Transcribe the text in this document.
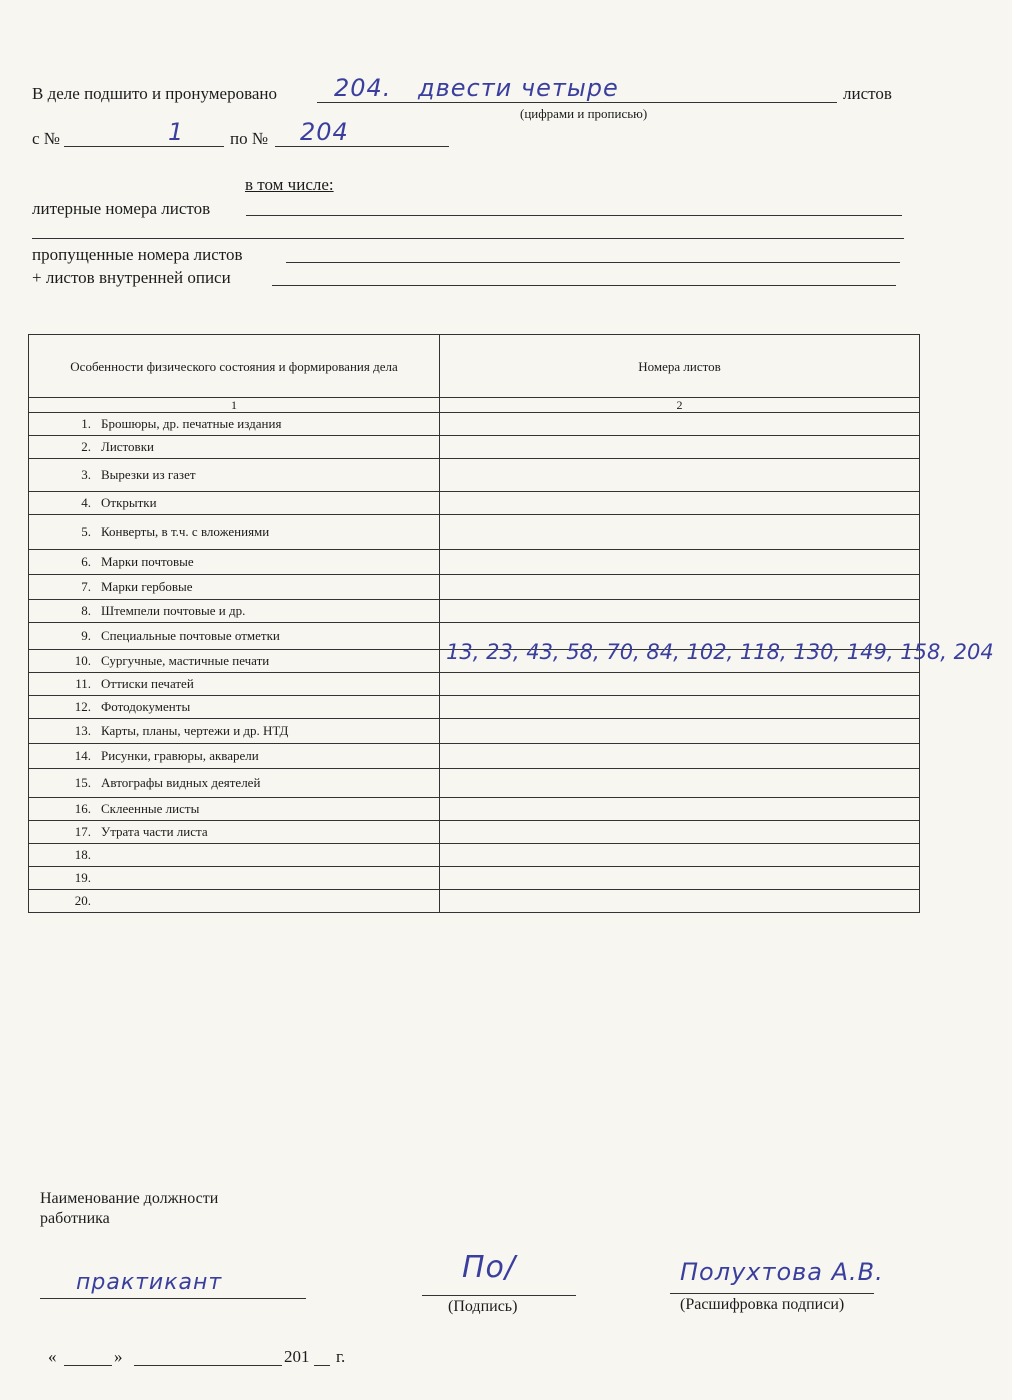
В деле подшито и пронумеровано 204. двести четыре	листов
(цифрами и прописью)
с №	1	по № 204
в том числе:
литерные номера листов
пропущенные номера листов
+ листов внутренней описи
Особенности физического состояния и формирования дела	Номера листов
1	2
1. Брошюры, др. печатные издания	
2. Листовки	
3. Вырезки из газет	
4. Открытки	
5. Конверты, в т.ч. с вложениями	
6. Марки почтовые	
7. Марки гербовые	
8. Штемпели почтовые и др.	
9. Специальные почтовые отметки	
10. Сургучные, мастичные печати	13, 23, 43, 58, 70, 84, 102, 118, 130, 149, 158, 204

11. Оттиски печатей	
12. Фотодокументы	
13. Карты, планы, чертежи и др. НТД	
14. Рисунки, гравюры, акварели	
15. Автографы видных деятелей	
16. Склеенные листы	
17. Утрата части листа	
18.	
19.	
20.	
Наименование должности
работника
практикант	По/
(Подпись)
Полухтова А.В.
(Расшифровка подписи)
«	»	201 г.
